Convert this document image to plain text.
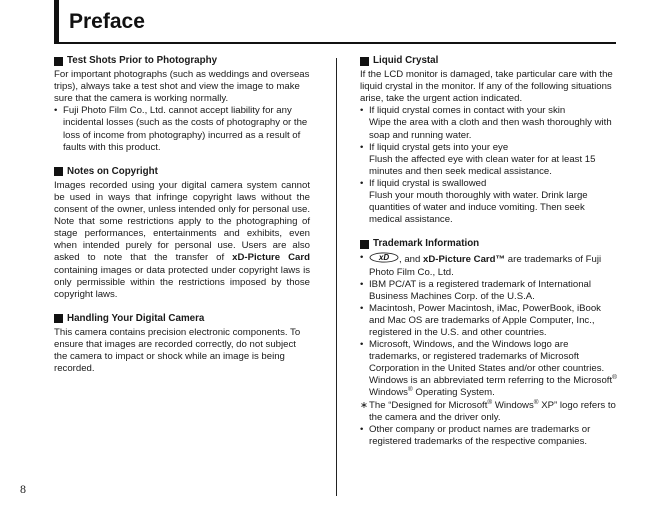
Preface
Test Shots Prior to Photography

For important photographs (such as weddings and overseas trips), always take a test shot and view the image to make sure that the camera is working normally.

• Fuji Photo Film Co., Ltd. cannot accept liability for any incidental losses (such as the costs of photography or the loss of income from photography) incurred as a result of faults with this product.
Notes on Copyright

Images recorded using your digital camera system cannot be used in ways that infringe copyright laws without the consent of the owner, unless intended only for personal use. Note that some restrictions apply to the photographing of stage performances, entertainments and exhibits, even when intended purely for personal use. Users are also asked to note that the transfer of xD-Picture Card containing images or data protected under copyright laws is only permissible within the restrictions imposed by those copyright laws.

Handling Your Digital Camera

This camera contains precision electronic components. To ensure that images are recorded correctly, do not subject the camera to impact or shock while an image is being recorded.

Liquid Crystal

If the LCD monitor is damaged, take particular care with the liquid crystal in the monitor. If any of the following situations arise, take the urgent action indicated.

• If liquid crystal comes in contact with your skin
Wipe the area with a cloth and then wash thoroughly with soap and running water.
• If liquid crystal gets into your eye
Flush the affected eye with clean water for at least 15 minutes and then seek medical assistance.
• If liquid crystal is swallowed
Flush your mouth thoroughly with water. Drink large quantities of water and induce vomiting. Then seek medical assistance.
Trademark Information
• xD , and xD-Picture Card™ are trademarks of Fuji Photo Film Co., Ltd.
• IBM PC/AT is a registered trademark of International Business Machines Corp. of the U.S.A.
• Macintosh, Power Macintosh, iMac, PowerBook, iBook and Mac OS are trademarks of Apple Computer, Inc., registered in the U.S. and other countries.
• Microsoft, Windows, and the Windows logo are trademarks, or registered trademarks of Microsoft Corporation in the United States and/or other countries. Windows is an abbreviated term referring to the Microsoft® Windows® Operating System.
∗ The “Designed for Microsoft® Windows® XP” logo refers to the camera and the driver only.
• Other company or product names are trademarks or registered trademarks of the respective companies.
8
